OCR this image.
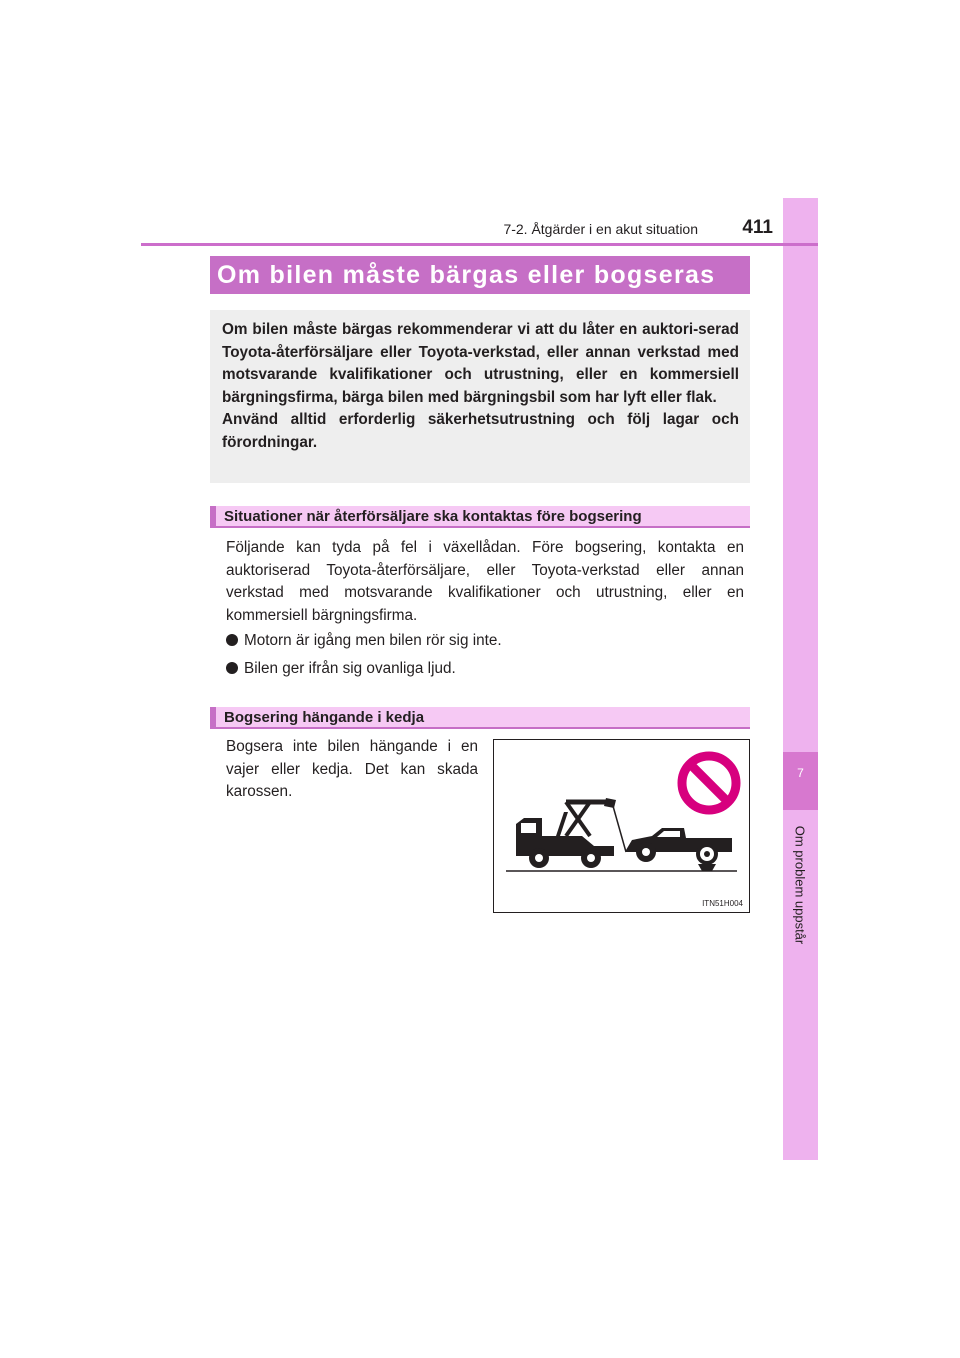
7
Om problem uppstår
7-2. Åtgärder i en akut situation	411
Om bilen måste bärgas eller bogseras

Om bilen måste bärgas rekommenderar vi att du låter en auktori-serad Toyota-återförsäljare eller Toyota-verkstad, eller annan verkstad med motsvarande kvalifikationer och utrustning, eller en kommersiell bärgningsfirma, bärga bilen med bärgningsbil som har lyft eller flak.

Använd alltid erforderlig säkerhetsutrustning och följ lagar och förordningar.

Situationer när återförsäljare ska kontaktas före bogsering

Följande kan tyda på fel i växellådan. Före bogsering, kontakta en auktoriserad Toyota-återförsäljare, eller Toyota-verkstad eller annan verkstad med motsvarande kvalifikationer och utrustning, eller en kommersiell bärgningsfirma.

Motorn är igång men bilen rör sig inte.
Bilen ger ifrån sig ovanliga ljud.
Bogsering hängande i kedja

Bogsera inte bilen hängande i en vajer eller kedja. Det kan skada karossen.

ITN51H004
